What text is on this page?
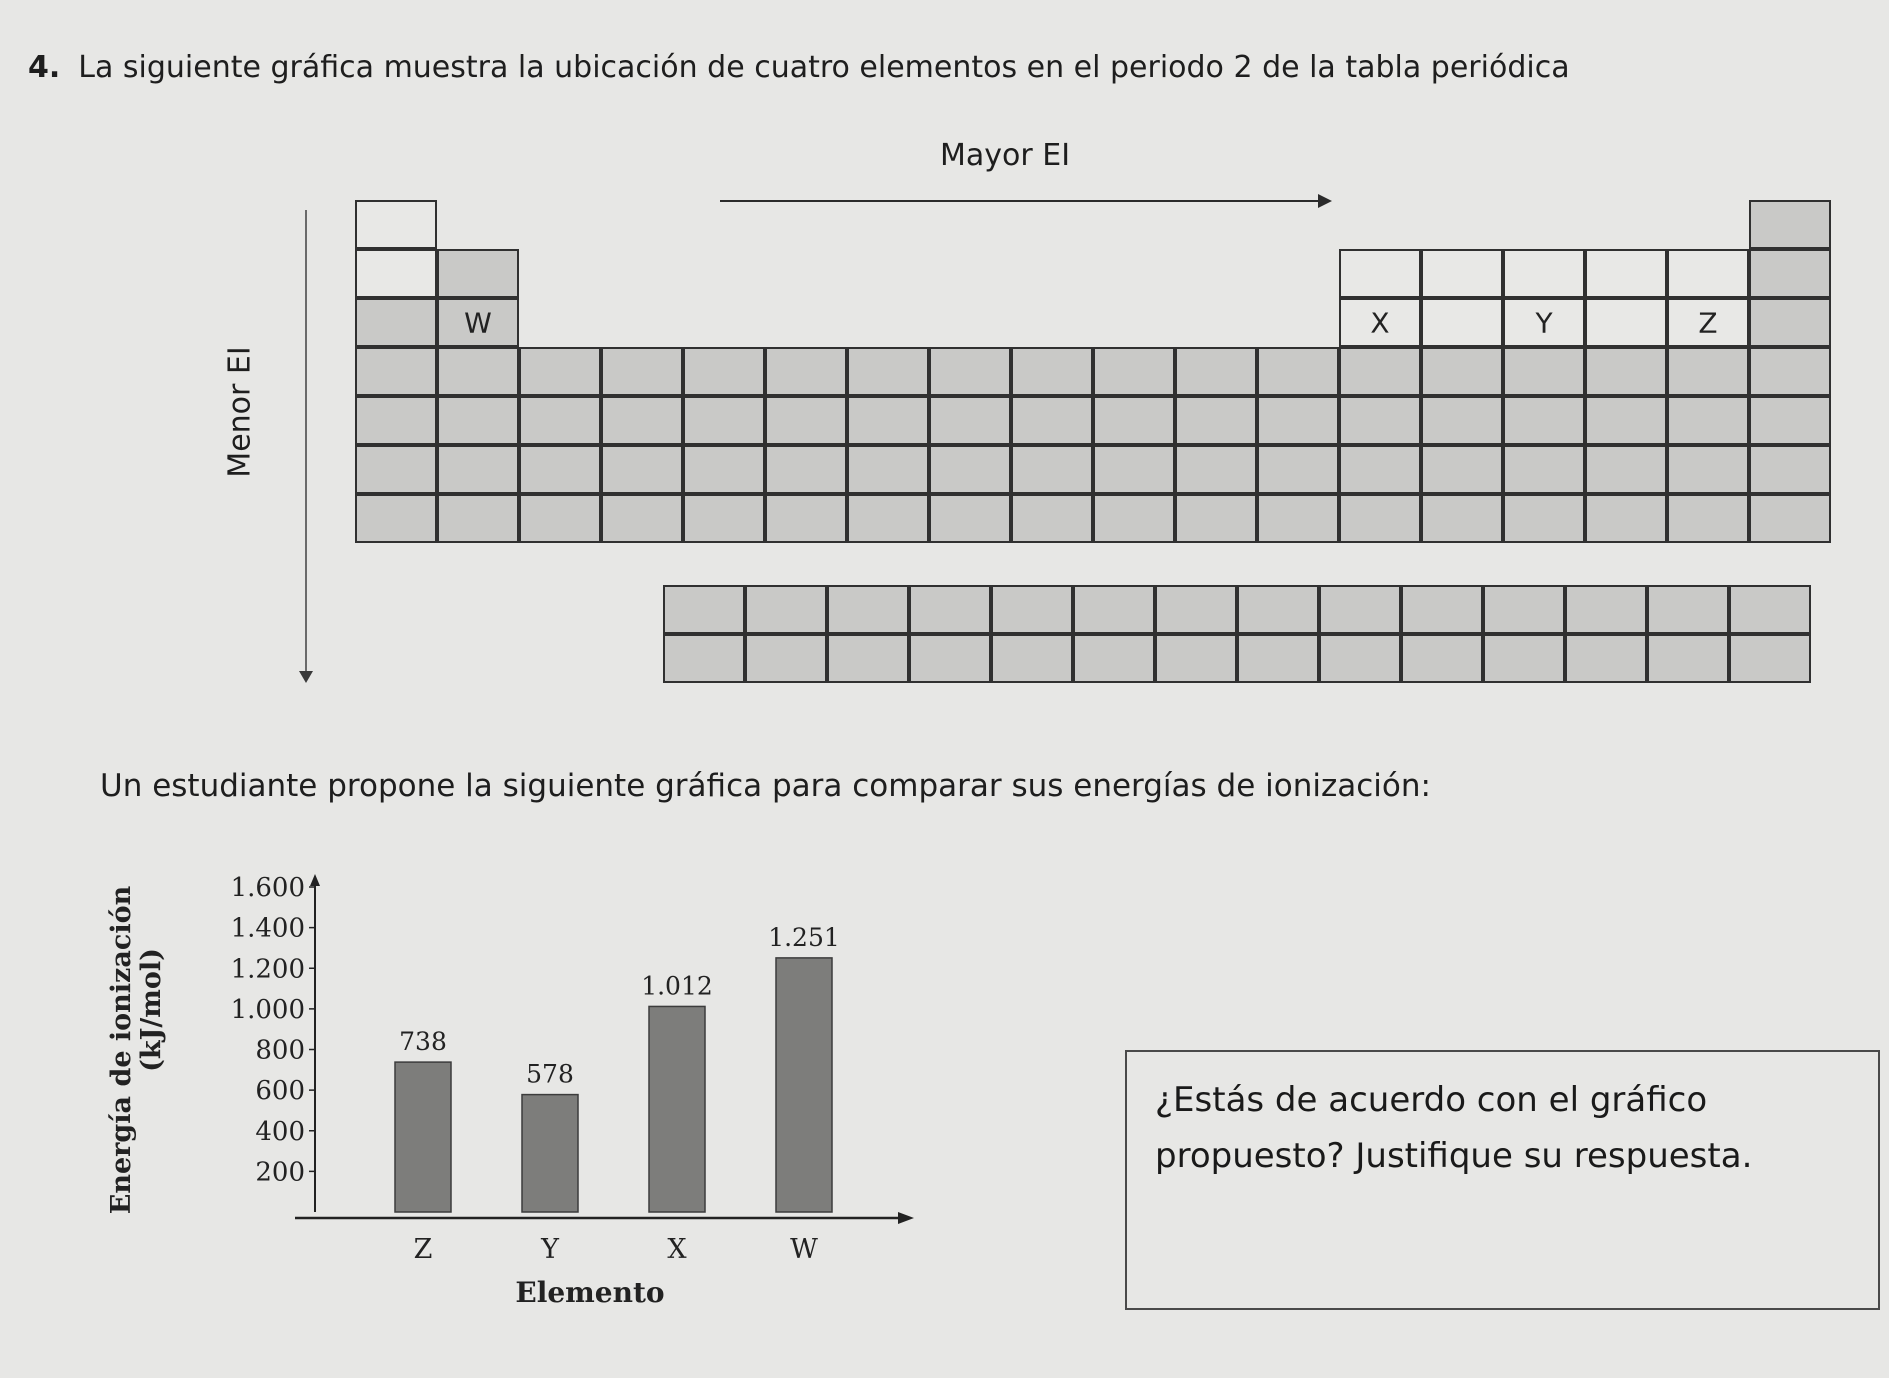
4. La siguiente gráfica muestra la ubicación de cuatro elementos en el periodo 2 de la tabla periódica
Mayor EI
Menor EI
W	X	Y	Z
Un estudiante propone la siguiente gráfica para comparar sus energías de ionización:
200
400
600
800
1.000
1.200
1.400
1.600
Energía de ionización (kJ/mol)	738
Z
578
Y
1.012
X
1.251
W
Elemento
¿Estás de acuerdo con el gráfico propuesto? Justifique su respuesta.
